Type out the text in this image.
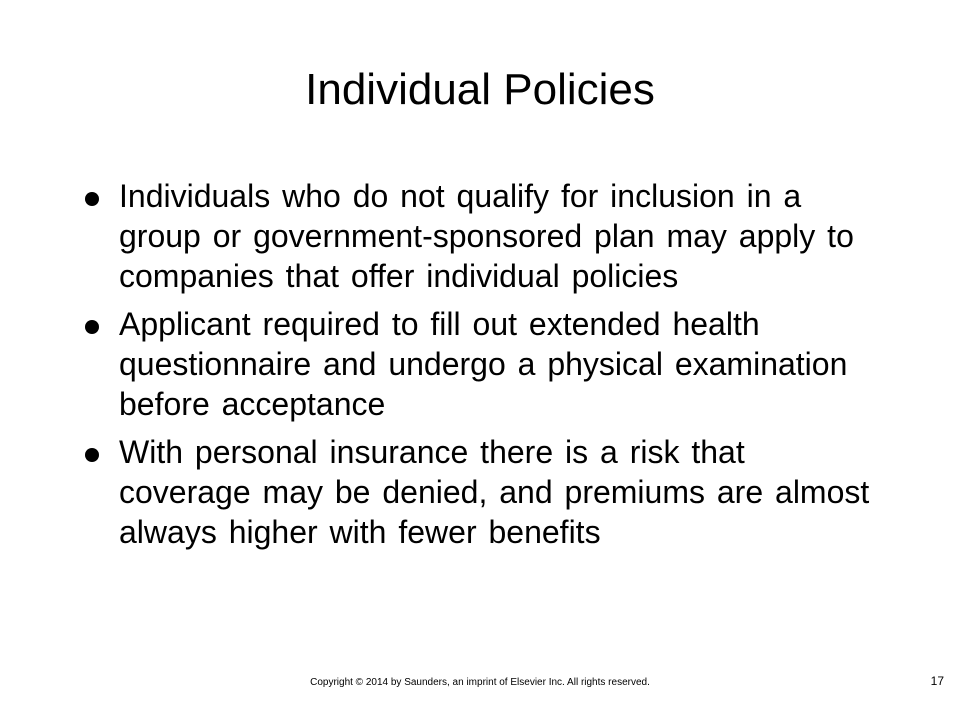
Individual Policies
Individuals who do not qualify for inclusion in a group or government-sponsored plan may apply to companies that offer individual policies
Applicant required to fill out extended health questionnaire and undergo a physical examination before acceptance
With personal insurance there is a risk that coverage may be denied, and premiums are almost always higher with fewer benefits
Copyright © 2014 by Saunders, an imprint of Elsevier Inc. All rights reserved.	17
